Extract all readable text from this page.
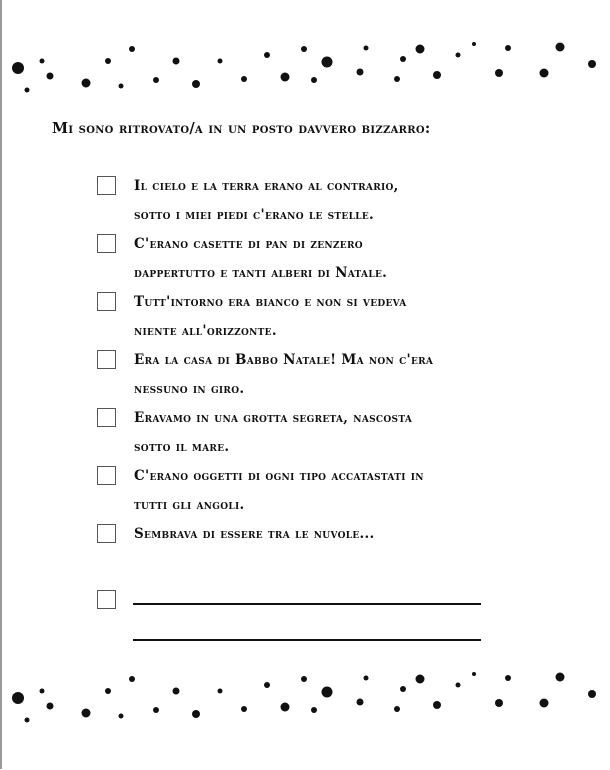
Mi sono ritrovato/a in un posto davvero bizzarro:
Il cielo e la terra erano al contrario,
sotto i miei piedi c'erano le stelle.
C'erano casette di pan di zenzero
dappertutto e tanti alberi di Natale.
Tutt'intorno era bianco e non si vedeva
niente all'orizzonte.
Era la casa di Babbo Natale! Ma non c'era
nessuno in giro.
Eravamo in una grotta segreta, nascosta
sotto il mare.
C'erano oggetti di ogni tipo accatastati in
tutti gli angoli.
Sembrava di essere tra le nuvole...
